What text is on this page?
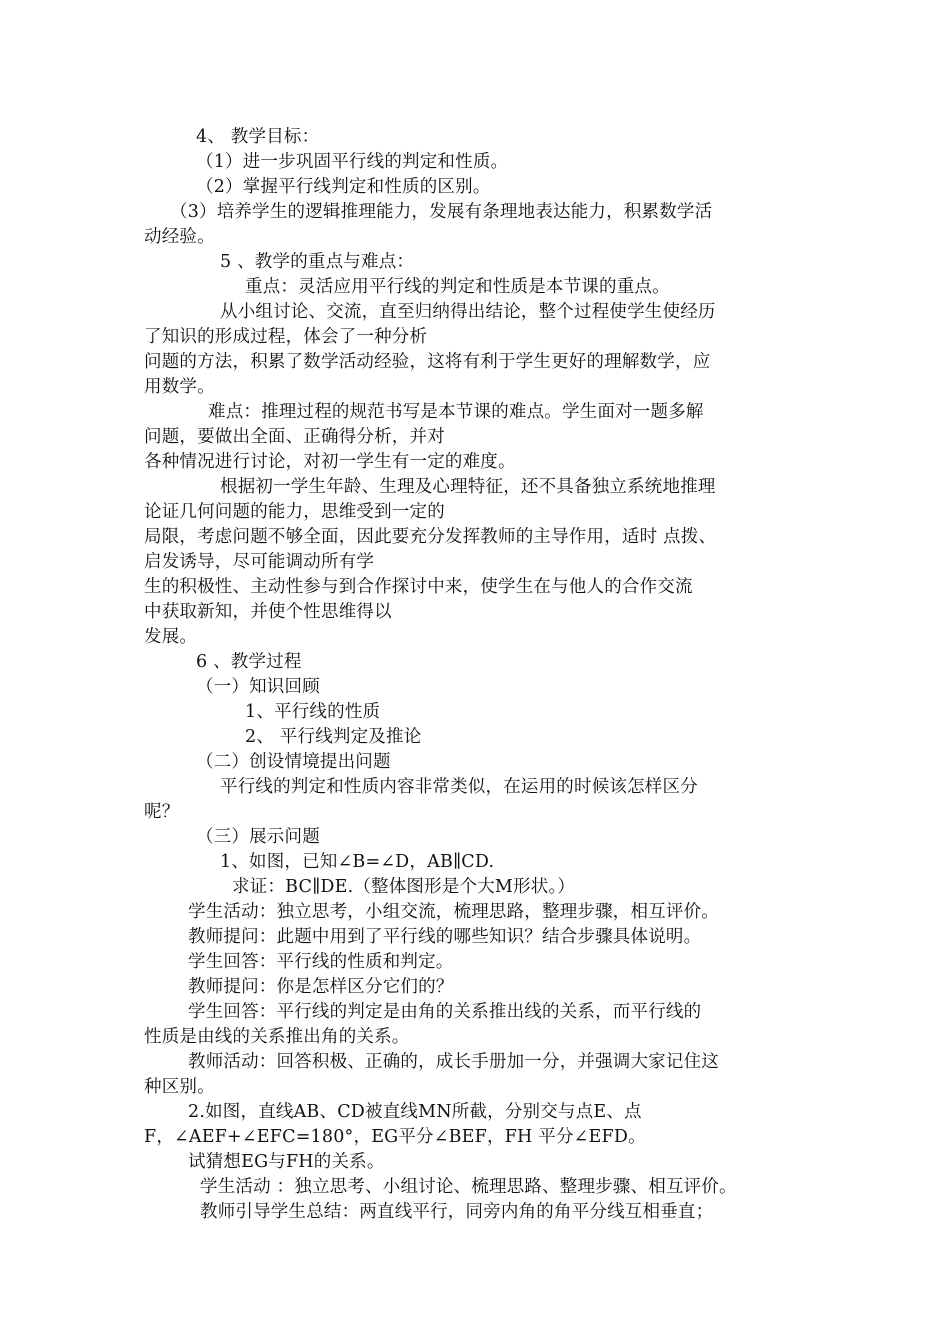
4、 教学目标：
（1）进一步巩固平行线的判定和性质。
（2）掌握平行线判定和性质的区别。
（3）培养学生的逻辑推理能力，发展有条理地表达能力，积累数学活
动经验。
5 、教学的重点与难点：
重点：灵活应用平行线的判定和性质是本节课的重点。
从小组讨论、交流，直至归纳得出结论，整个过程使学生使经历
了知识的形成过程，体会了一种分析
问题的方法，积累了数学活动经验，这将有利于学生更好的理解数学，应
用数学。
难点：推理过程的规范书写是本节课的难点。学生面对一题多解
问题，要做出全面、正确得分析，并对
各种情况进行讨论，对初一学生有一定的难度。
根据初一学生年龄、生理及心理特征，还不具备独立系统地推理
论证几何问题的能力，思维受到一定的
局限，考虑问题不够全面，因此要充分发挥教师的主导作用，适时 点拨、
启发诱导，尽可能调动所有学
生的积极性、主动性参与到合作探讨中来，使学生在与他人的合作交流
中获取新知，并使个性思维得以
发展。
6 、教学过程
（一）知识回顾
1、平行线的性质
2、 平行线判定及推论
（二）创设情境提出问题
平行线的判定和性质内容非常类似，在运用的时候该怎样区分
呢？
（三）展示问题
1、如图，已知∠B=∠D，AB∥CD.
求证：BC∥DE.（整体图形是个大M形状。）
学生活动：独立思考，小组交流，梳理思路，整理步骤，相互评价。
教师提问：此题中用到了平行线的哪些知识？结合步骤具体说明。
学生回答：平行线的性质和判定。
教师提问：你是怎样区分它们的？
学生回答：平行线的判定是由角的关系推出线的关系，而平行线的
性质是由线的关系推出角的关系。
教师活动：回答积极、正确的，成长手册加一分，并强调大家记住这
种区别。
2.如图，直线AB、CD被直线MN所截，分别交与点E、点
F，∠AEF+∠EFC=180°，EG平分∠BEF，FH 平分∠EFD。
试猜想EG与FH的关系。
学生活动 ：独立思考、小组讨论、梳理思路、整理步骤、相互评价。
教师引导学生总结：两直线平行，同旁内角的角平分线互相垂直；
